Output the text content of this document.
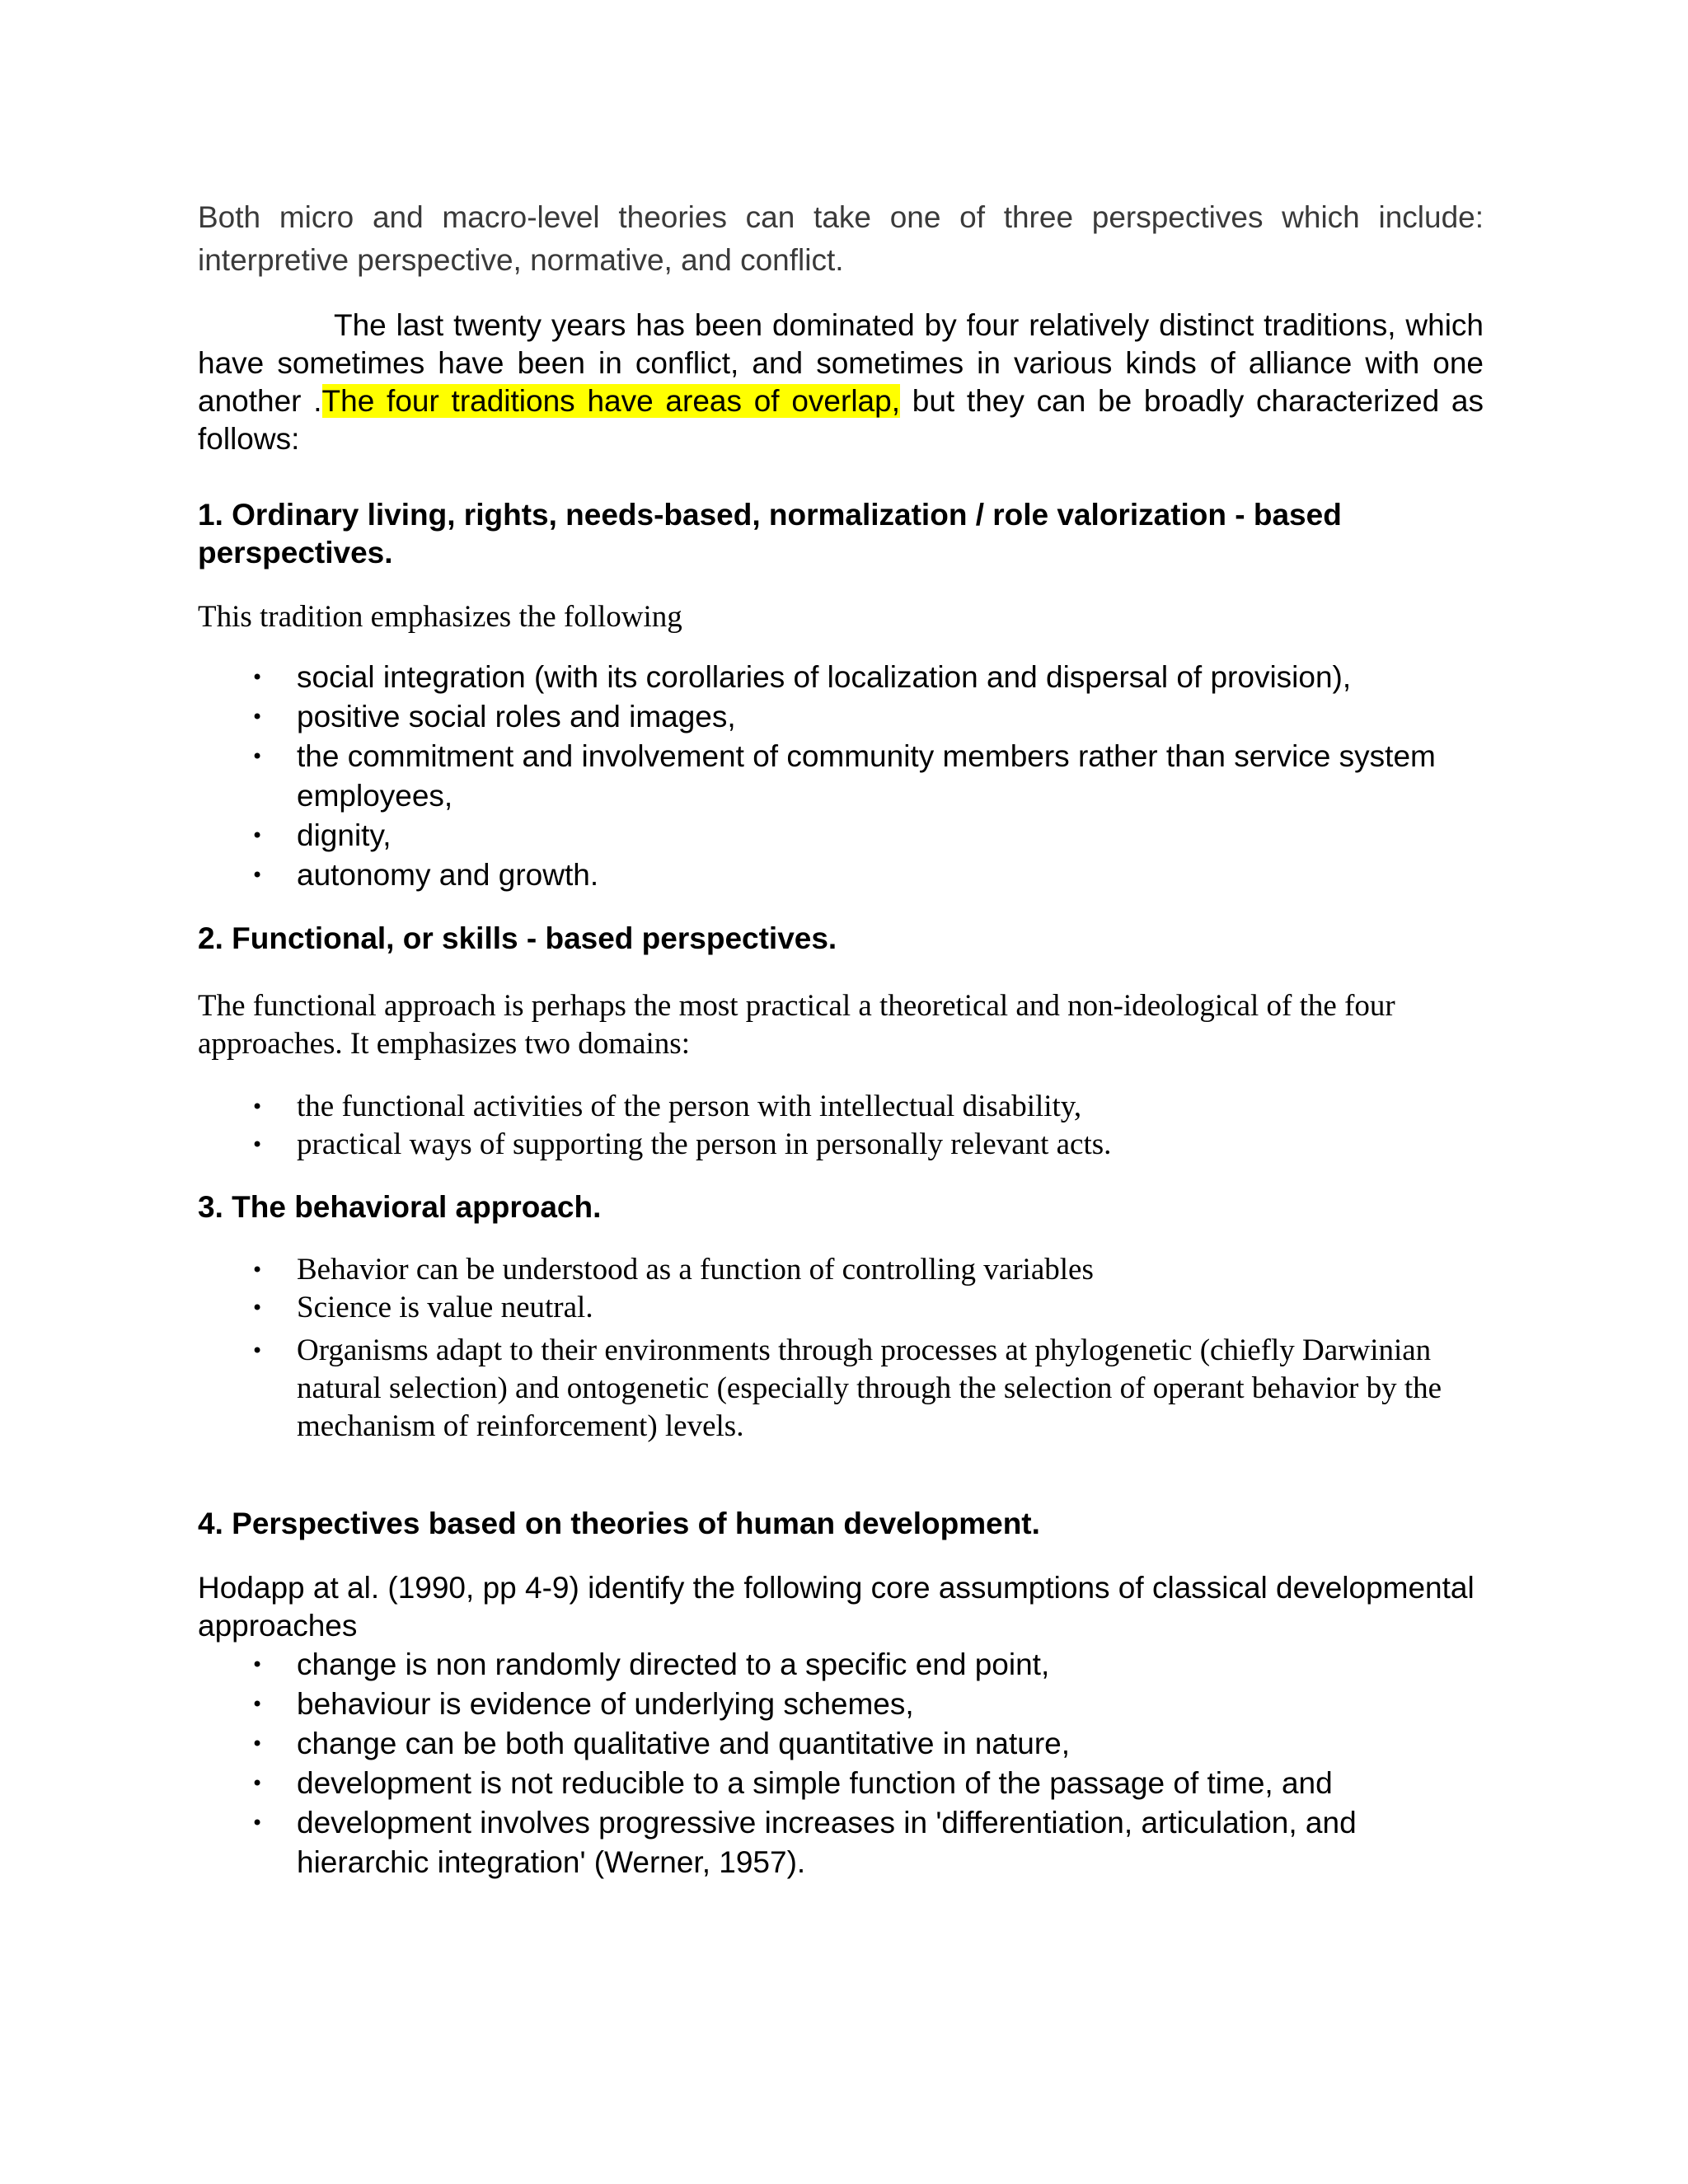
Both micro and macro-level theories can take one of three perspectives which include: interpretive perspective, normative, and conflict.

The last twenty years has been dominated by four relatively distinct traditions, which have sometimes have been in conflict, and sometimes in various kinds of alliance with one another .The four traditions have areas of overlap, but they can be broadly characterized as follows:

1. Ordinary living, rights, needs-based, normalization / role valorization - based perspectives.

This tradition emphasizes the following

• social integration (with its corollaries of localization and dispersal of provision),
• positive social roles and images,
• the commitment and involvement of community members rather than service system employees,
• dignity,
• autonomy and growth.

2. Functional, or skills - based perspectives.

The functional approach is perhaps the most practical a theoretical and non-ideological of the four approaches. It emphasizes two domains:

• the functional activities of the person with intellectual disability,
• practical ways of supporting the person in personally relevant acts.

3. The behavioral approach.

• Behavior can be understood as a function of controlling variables
• Science is value neutral.
• Organisms adapt to their environments through processes at phylogenetic (chiefly Darwinian natural selection) and ontogenetic (especially through the selection of operant behavior by the mechanism of reinforcement) levels.

4. Perspectives based on theories of human development.

Hodapp at al. (1990, pp 4-9) identify the following core assumptions of classical developmental approaches

• change is non randomly directed to a specific end point,
• behaviour is evidence of underlying schemes,
• change can be both qualitative and quantitative in nature,
• development is not reducible to a simple function of the passage of time, and
• development involves progressive increases in 'differentiation, articulation, and hierarchic integration' (Werner, 1957).
